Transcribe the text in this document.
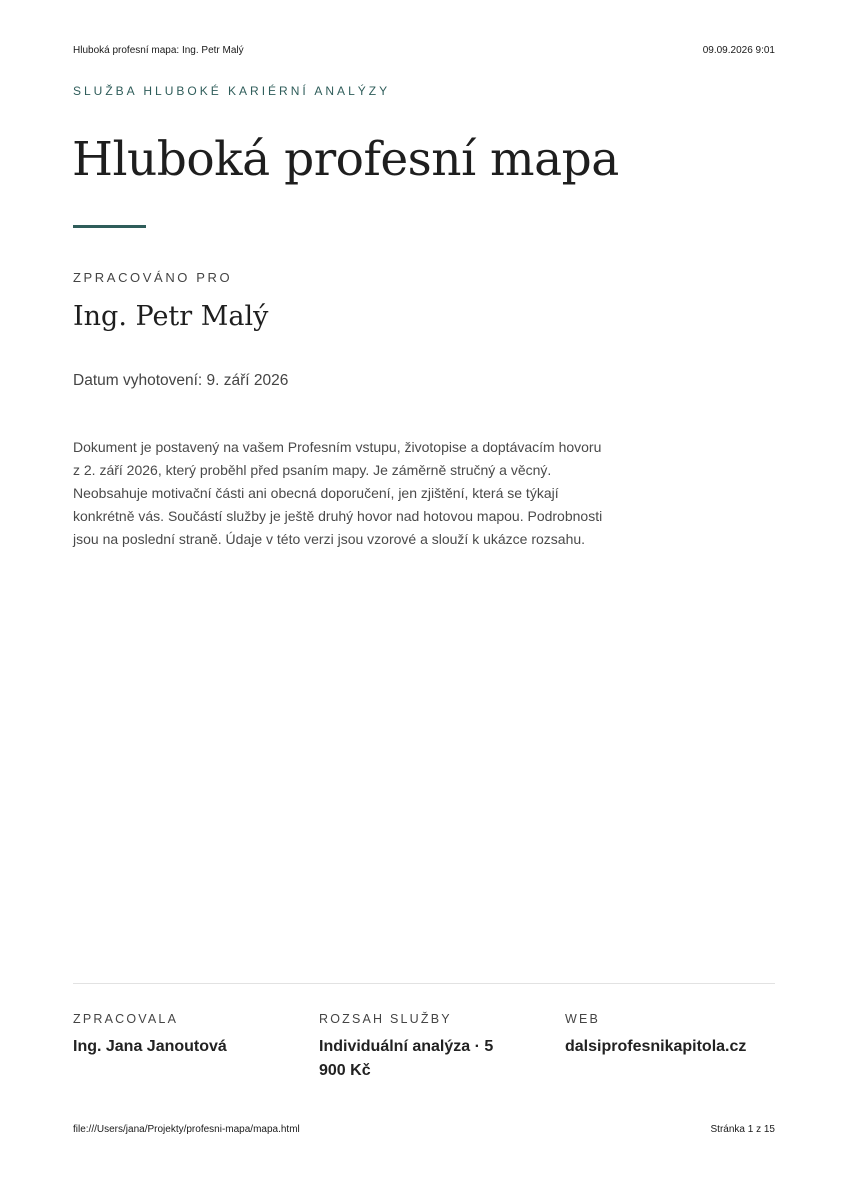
Hluboká profesní mapa: Ing. Petr Malý	09.09.2026 9:01
SLUŽBA HLUBOKÉ KARIÉRNÍ ANALÝZY
Hluboká profesní mapa
ZPRACOVÁNO PRO
Ing. Petr Malý
Datum vyhotovení: 9. září 2026

Dokument je postavený na vašem Profesním vstupu, životopise a doptávacím hovoru z 2. září 2026, který proběhl před psaním mapy. Je záměrně stručný a věcný. Neobsahuje motivační části ani obecná doporučení, jen zjištění, která se týkají konkrétně vás. Součástí služby je ještě druhý hovor nad hotovou mapou. Podrobnosti jsou na poslední straně. Údaje v této verzi jsou vzorové a slouží k ukázce rozsahu.

ZPRACOVALA
Ing. Jana Janoutová
ROZSAH SLUŽBY
Individuální analýza · 5 900 Kč
WEB
dalsiprofesnikapitola.cz
file:///Users/jana/Projekty/profesni-mapa/mapa.html	Stránka 1 z 15
